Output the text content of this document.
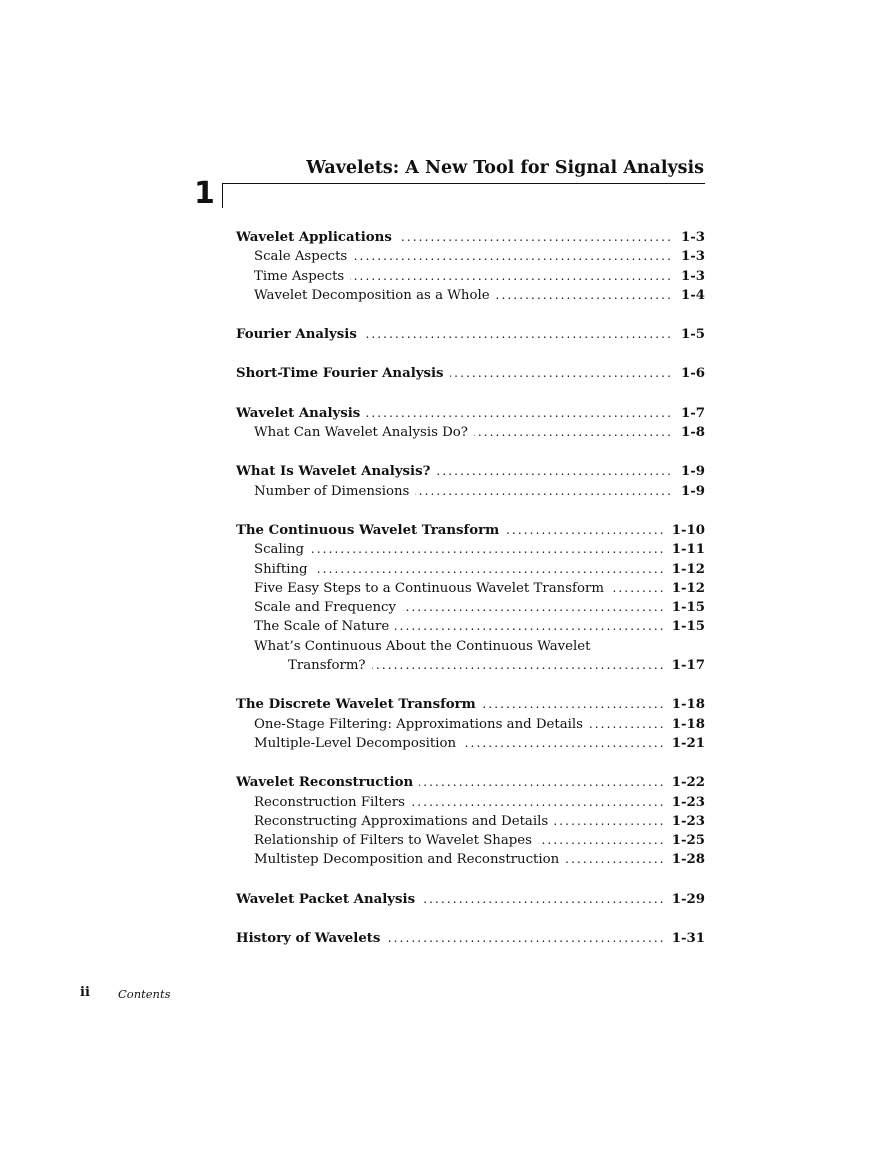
1
Wavelets: A New Tool for Signal Analysis
Wavelet Applications .....	1-3
Scale Aspects .....	1-3
Time Aspects .....	1-3
Wavelet Decomposition as a Whole .....	1-4
Fourier Analysis .....	1-5
Short-Time Fourier Analysis .....	1-6
Wavelet Analysis .....	1-7
What Can Wavelet Analysis Do? .....	1-8
What Is Wavelet Analysis? .....	1-9
Number of Dimensions .....	1-9
The Continuous Wavelet Transform .....	1-10
Scaling .....	1-11
Shifting .....	1-12
Five Easy Steps to a Continuous Wavelet Transform .....	1-12
Scale and Frequency .....	1-15
The Scale of Nature .....	1-15
What’s Continuous About the Continuous Wavelet
Transform? .....	1-17
The Discrete Wavelet Transform .....	1-18
One-Stage Filtering: Approximations and Details .....	1-18
Multiple-Level Decomposition .....	1-21
Wavelet Reconstruction .....	1-22
Reconstruction Filters .....	1-23
Reconstructing Approximations and Details .....	1-23
Relationship of Filters to Wavelet Shapes .....	1-25
Multistep Decomposition and Reconstruction .....	1-28
Wavelet Packet Analysis .....	1-29
History of Wavelets .....	1-31
ii Contents
